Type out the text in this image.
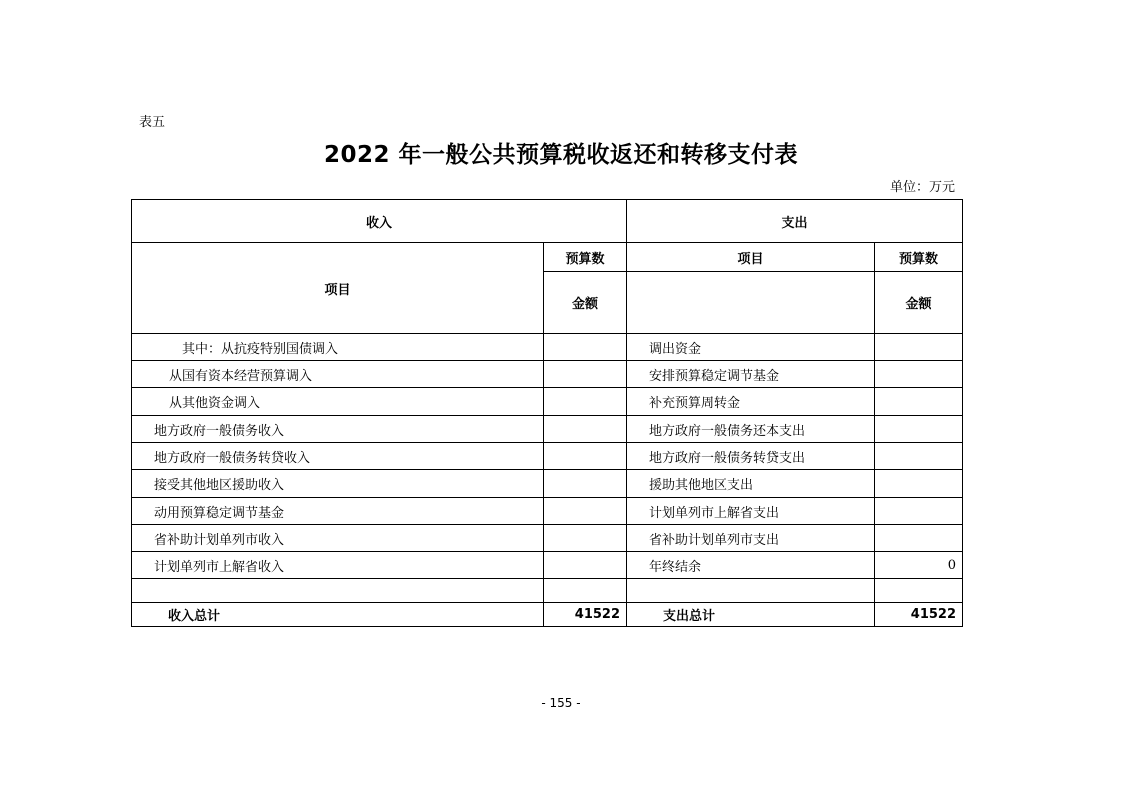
表五
2022 年一般公共预算税收返还和转移支付表
单位：万元
收入		支出	
项目	预算数	项目	预算数
	金额		金额
其中：从抗疫特别国债调入		调出资金	
从国有资本经营预算调入		安排预算稳定调节基金	
从其他资金调入		补充预算周转金	
地方政府一般债务收入		地方政府一般债务还本支出	
地方政府一般债务转贷收入		地方政府一般债务转贷支出	
接受其他地区援助收入		援助其他地区支出	
动用预算稳定调节基金		计划单列市上解省支出	
省补助计划单列市收入		省补助计划单列市支出	
计划单列市上解省收入		年终结余	0

收入总计	41522	支出总计	41522
- 155 -
